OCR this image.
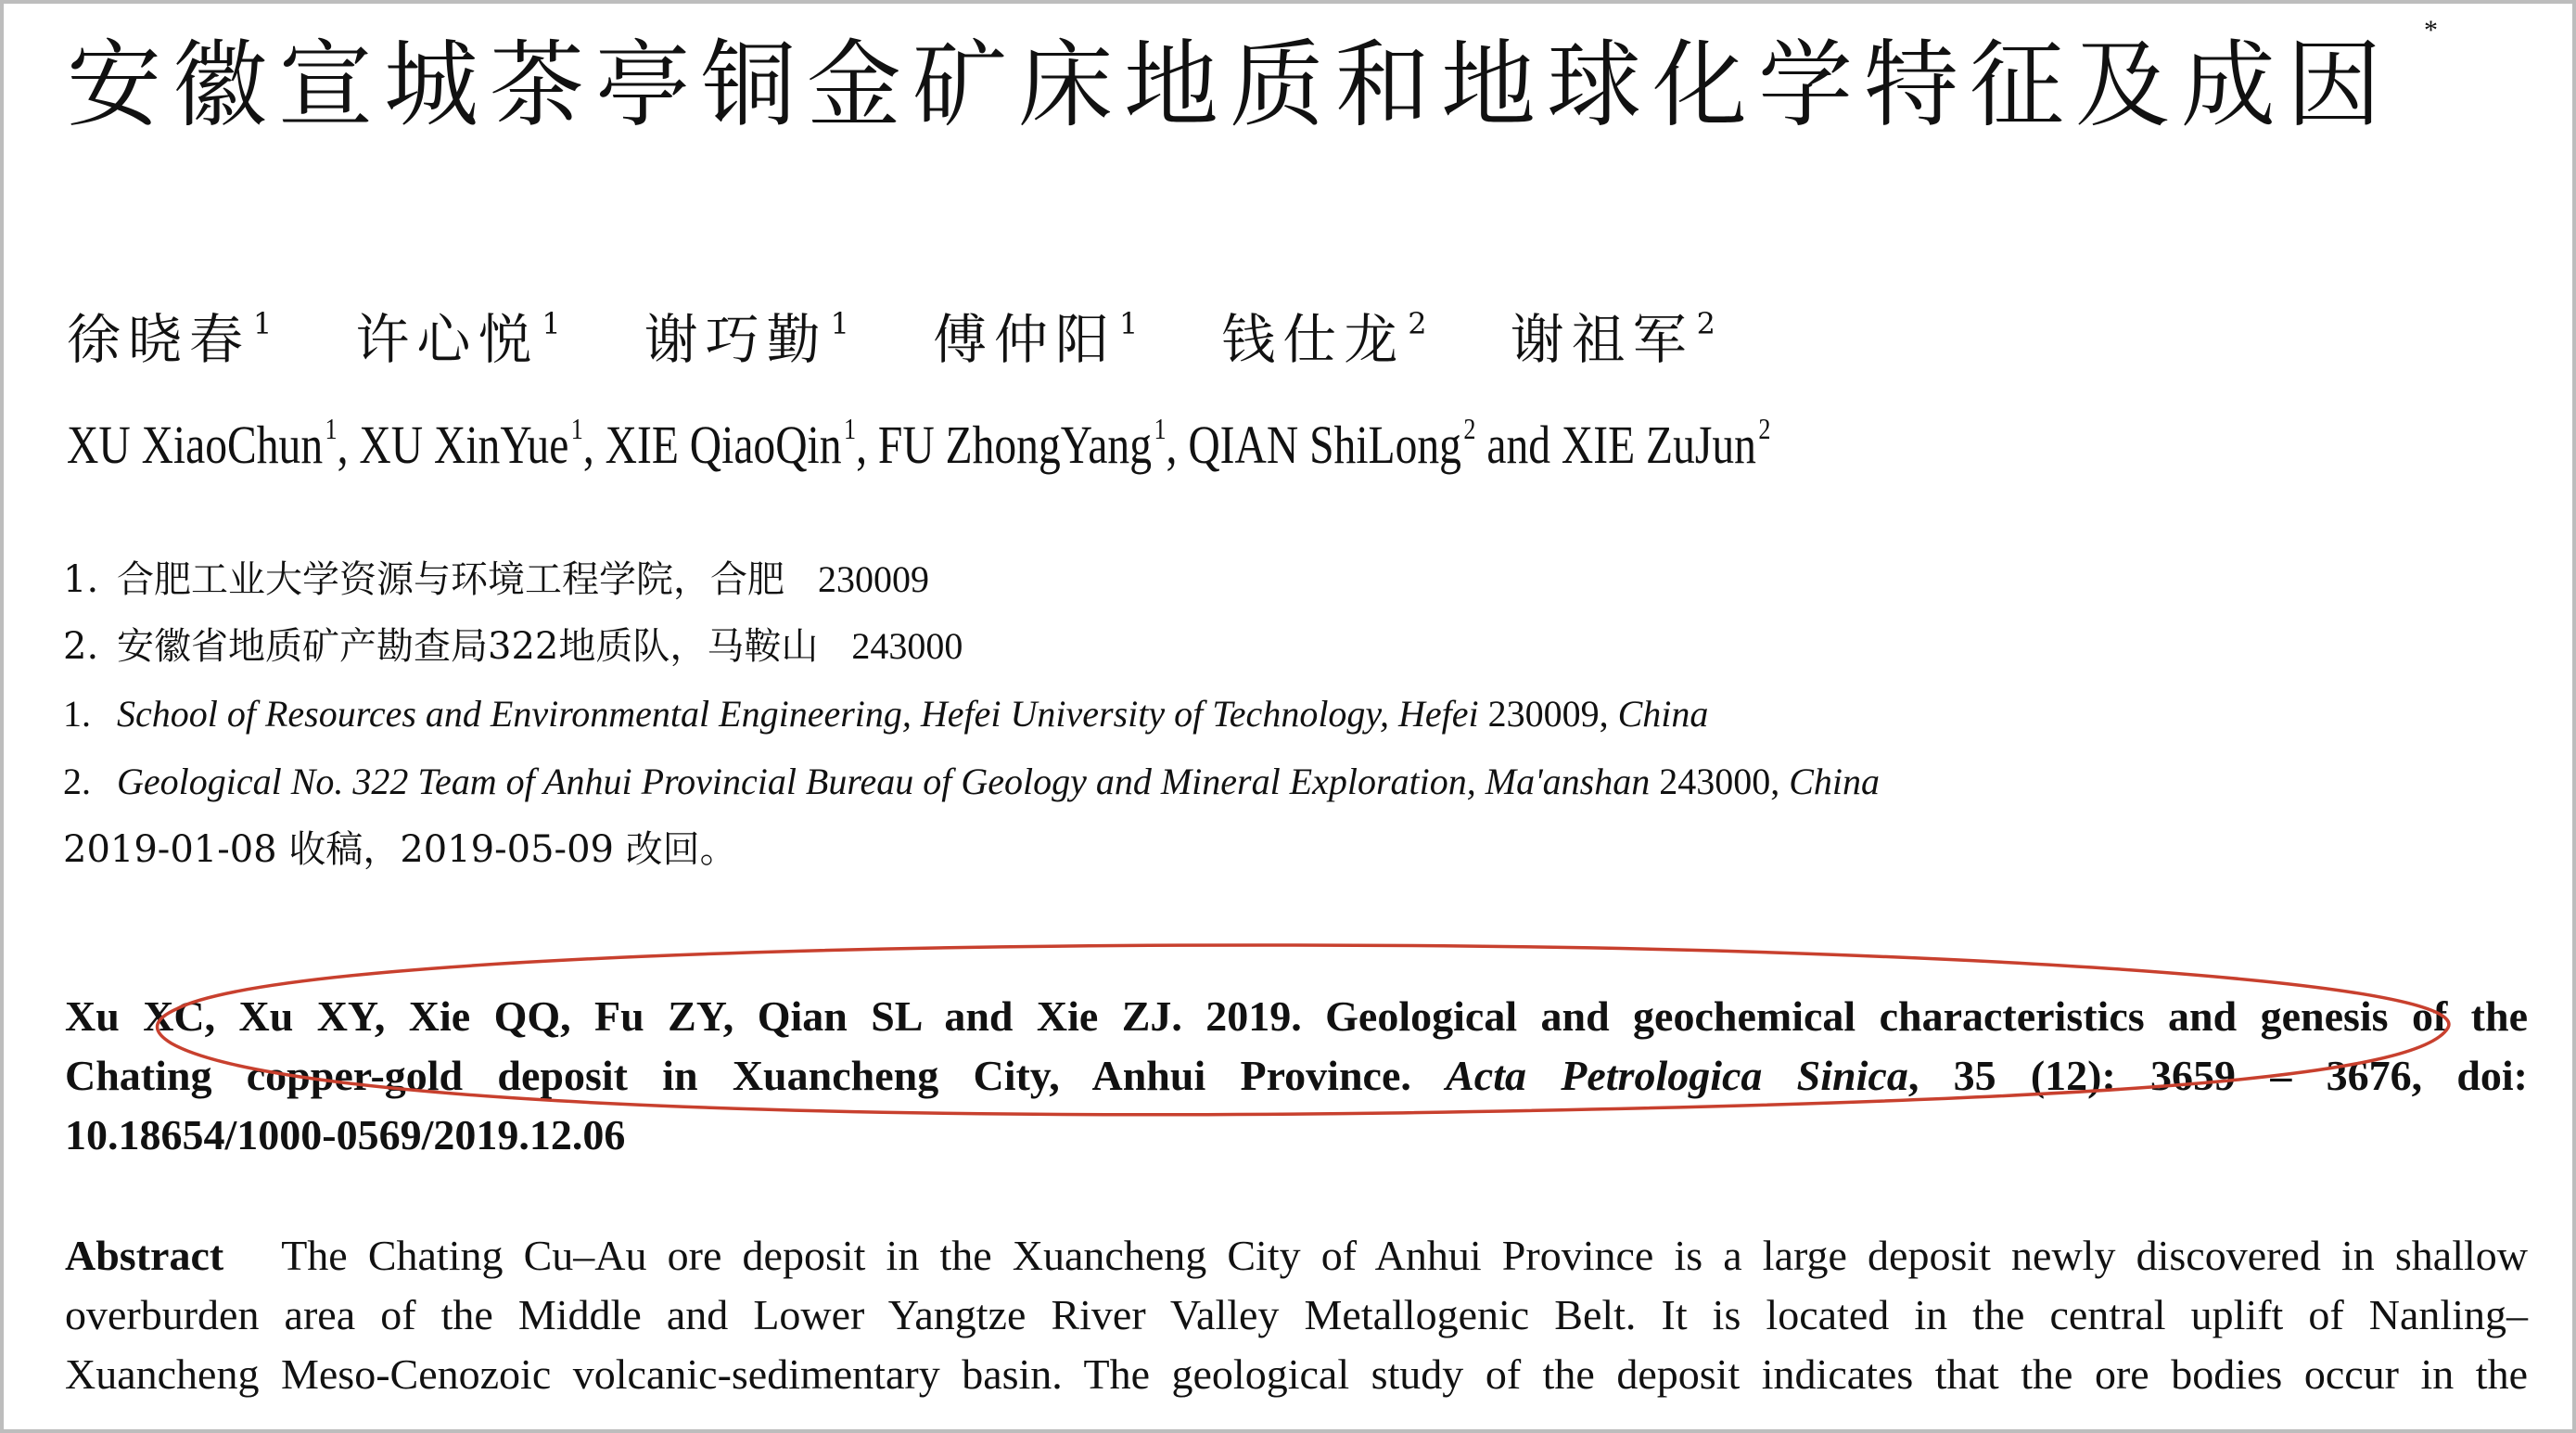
安徽宣城茶亭铜金矿床地质和地球化学特征及成因
*
徐晓春$^1$ 许心悦$^1$ 谢巧勤$^1$ 傅仲阳$^1$ 钱仕龙$^2$ 谢祖军$^2$
XU XiaoChun$^1$, XU XinYue$^1$, XIE QiaoQin$^1$, FU ZhongYang$^1$, QIAN ShiLong$^2$ and XIE ZuJun$^2$
1. 合肥工业大学资源与环境工程学院，合肥 230009
2. 安徽省地质矿产勘查局322地质队，马鞍山 243000
1. School of Resources and Environmental Engineering, Hefei University of Technology, Hefei 230009, China
2. Geological No. 322 Team of Anhui Provincial Bureau of Geology and Mineral Exploration, Ma'anshan 243000, China
2019-01-08 收稿，2019-05-09 改回。
Xu XC, Xu XY, Xie QQ, Fu ZY, Qian SL and Xie ZJ. 2019. Geological and geochemical characteristics and genesis of the
Chating copper-gold deposit in Xuancheng City, Anhui Province. Acta Petrologica Sinica, 35 (12): 3659 – 3676, doi:
10.18654/1000-0569/2019.12.06
Abstract The Chating Cu–Au ore deposit in the Xuancheng City of Anhui Province is a large deposit newly discovered in shallow
overburden area of the Middle and Lower Yangtze River Valley Metallogenic Belt. It is located in the central uplift of Nanling–
Xuancheng Meso-Cenozoic volcanic-sedimentary basin. The geological study of the deposit indicates that the ore bodies occur in the
